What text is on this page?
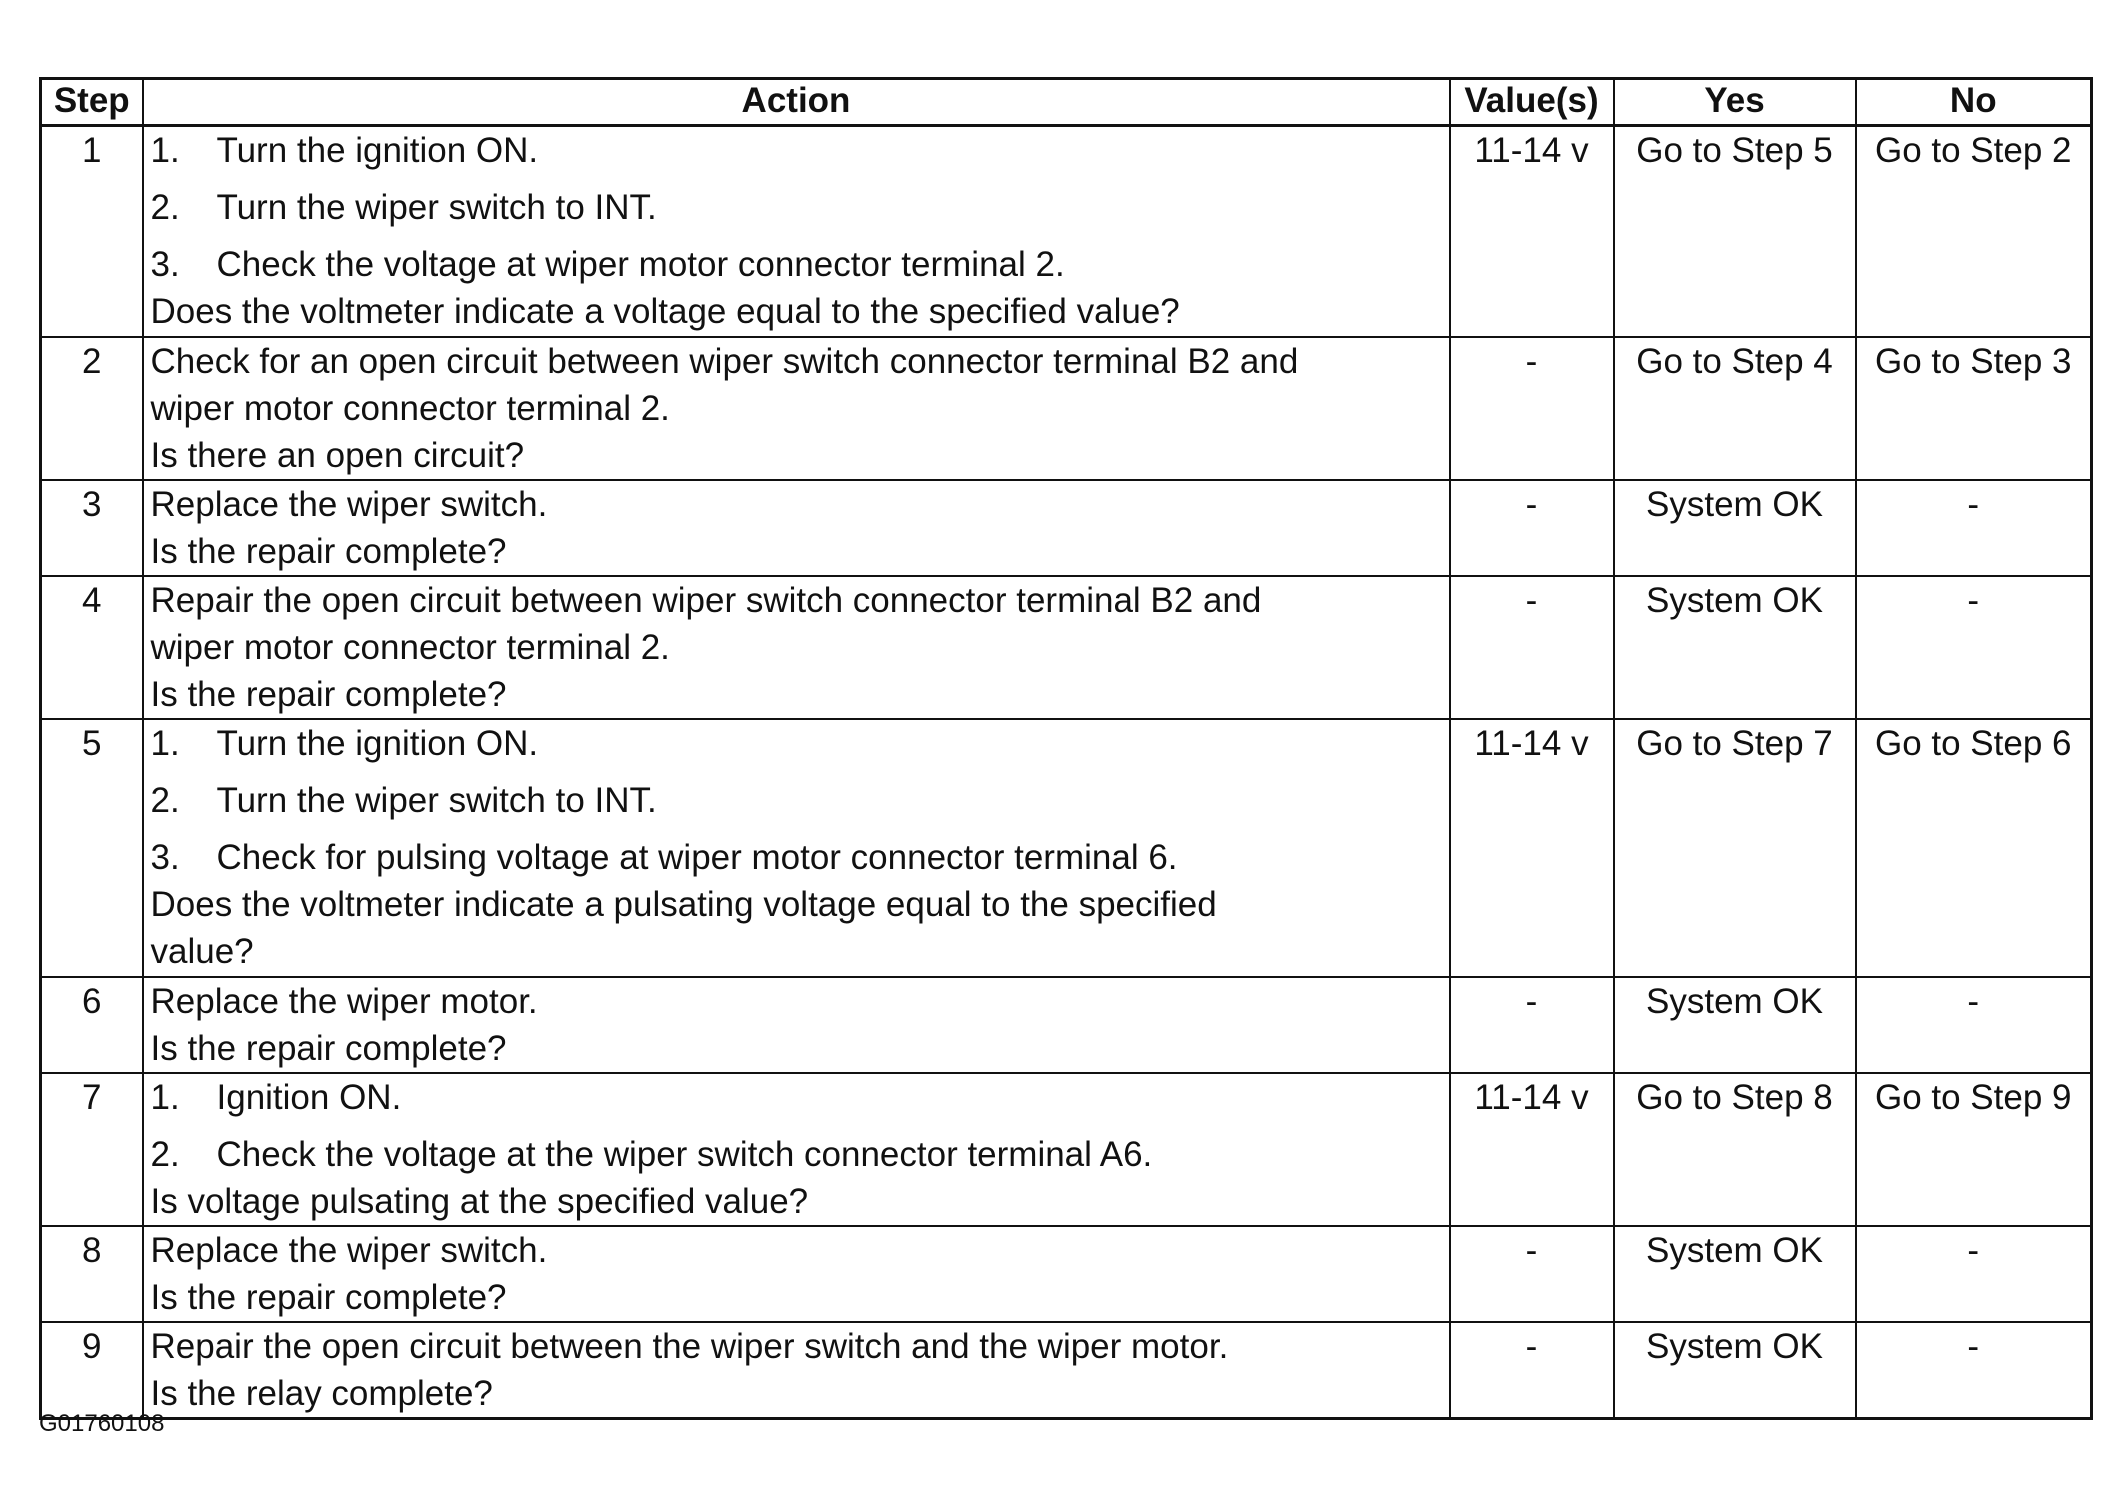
Step	Action	Value(s)	Yes	No
1	1. Turn the ignition ON.
2. Turn the wiper switch to INT.
3. Check the voltage at wiper motor connector terminal 2.
Does the voltmeter indicate a voltage equal to the specified value?	11-14 v	Go to Step 5	Go to Step 2
2	Check for an open circuit between wiper switch connector terminal B2 and
wiper motor connector terminal 2.
Is there an open circuit?	-	Go to Step 4	Go to Step 3
3	Replace the wiper switch.
Is the repair complete?	-	System OK	-
4	Repair the open circuit between wiper switch connector terminal B2 and
wiper motor connector terminal 2.
Is the repair complete?	-	System OK	-
5	1. Turn the ignition ON.
2. Turn the wiper switch to INT.
3. Check for pulsing voltage at wiper motor connector terminal 6.
Does the voltmeter indicate a pulsating voltage equal to the specified
value?	11-14 v	Go to Step 7	Go to Step 6
6	Replace the wiper motor.
Is the repair complete?	-	System OK	-
7	1. Ignition ON.
2. Check the voltage at the wiper switch connector terminal A6.
Is voltage pulsating at the specified value?	11-14 v	Go to Step 8	Go to Step 9
8	Replace the wiper switch.
Is the repair complete?	-	System OK	-
9	Repair the open circuit between the wiper switch and the wiper motor.
Is the relay complete?	-	System OK	-
G01760108
